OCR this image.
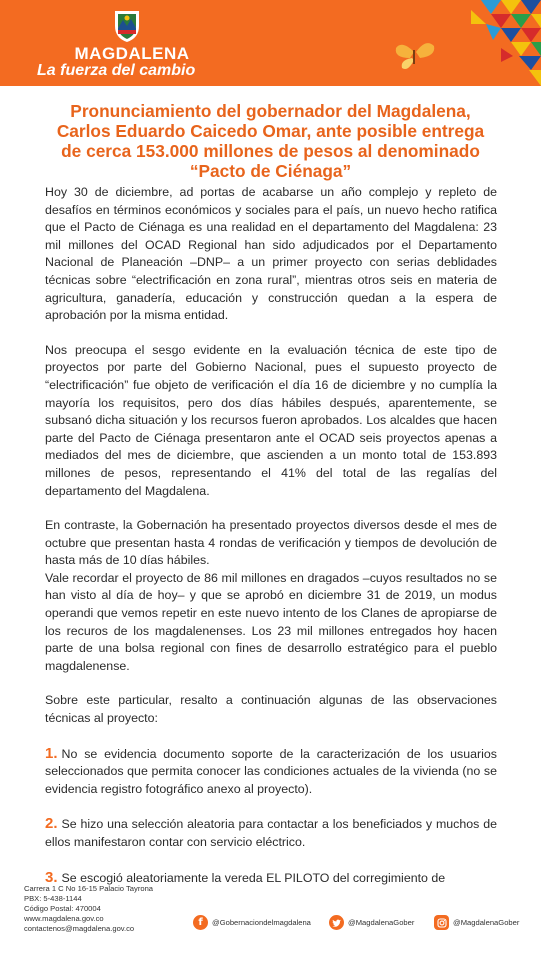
MAGDALENA
La fuerza del cambio
Pronunciamiento del gobernador del Magdalena,
Carlos Eduardo Caicedo Omar, ante posible entrega
de cerca 153.000 millones de pesos al denominado
“Pacto de Ciénaga”

Hoy 30 de diciembre, ad portas de acabarse un año complejo y repleto de desafíos en términos económicos y sociales para el país, un nuevo hecho ratifica que el Pacto de Ciénaga es una realidad en el departamento del Magdalena: 23 mil millones del OCAD Regional han sido adjudicados por el Departamento Nacional de Planeación –DNP– a un primer proyecto con serias deblidades técnicas sobre “electrificación en zona rural”, mientras otros seis en materia de agricultura, ganadería, educación y construcción quedan a la espera de aprobación por la misma entidad.

Nos preocupa el sesgo evidente en la evaluación técnica de este tipo de proyectos por parte del Gobierno Nacional, pues el supuesto proyecto de “electrificación” fue objeto de verificación el día 16 de diciembre y no cumplía la mayoría los requisitos, pero dos días hábiles después, aparentemente, se subsanó dicha situación y los recursos fueron aprobados. Los alcaldes que hacen parte del Pacto de Ciénaga presentaron ante el OCAD seis proyectos apenas a mediados del mes de diciembre, que ascienden a un monto total de 153.893 millones de pesos, representando el 41% del total de las regalías del departamento del Magdalena.

En contraste, la Gobernación ha presentado proyectos diversos desde el mes de octubre que presentan hasta 4 rondas de verificación y tiempos de devolución de hasta más de 10 días hábiles.

Vale recordar el proyecto de 86 mil millones en dragados –cuyos resultados no se han visto al día de hoy– y que se aprobó en diciembre 31 de 2019, un modus operandi que vemos repetir en este nuevo intento de los Clanes de apropiarse de los recuros de los magdalenenses. Los 23 mil millones entregados hoy hacen parte de una bolsa regional con fines de desarrollo estratégico para el pueblo magdalenense.

Sobre este particular, resalto a continuación algunas de las observaciones técnicas al proyecto:

1. No se evidencia documento soporte de la caracterización de los usuarios seleccionados que permita conocer las condiciones actuales de la vivienda (no se evidencia registro fotográfico anexo al proyecto).

2. Se hizo una selección aleatoria para contactar a los beneficiados y muchos de ellos manifestaron contar con servicio eléctrico.

3. Se escogió aleatoriamente la vereda EL PILOTO del corregimiento de

Carrera 1 C No 16-15 Palacio Tayrona
PBX: 5-438-1144
Código Postal: 470004
www.magdalena.gov.co
contactenos@magdalena.gov.co
f	@Gobernaciondelmagdalena	@MagdalenaGober	@MagdalenaGober
